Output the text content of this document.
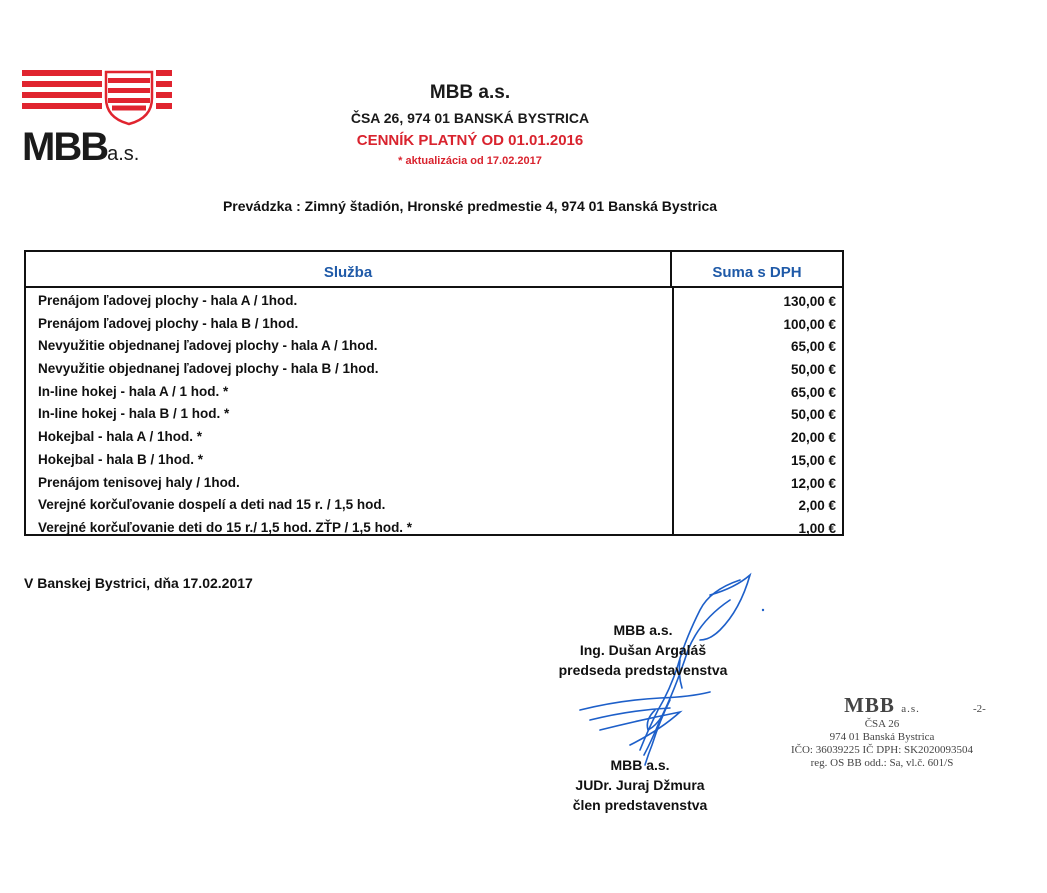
MBBa.s.
MBB a.s.
ČSA 26, 974 01 BANSKÁ BYSTRICA
CENNÍK PLATNÝ OD 01.01.2016
* aktualizácia od 17.02.2017
Prevádzka : Zimný štadión, Hronské predmestie 4, 974 01 Banská Bystrica
Služba	Suma s DPH
Prenájom ľadovej plochy - hala A / 1hod.	130,00 €
Prenájom ľadovej plochy - hala B / 1hod.	100,00 €
Nevyužitie objednanej ľadovej plochy - hala A / 1hod.	65,00 €
Nevyužitie objednanej ľadovej plochy - hala B / 1hod.	50,00 €
In-line hokej - hala A / 1 hod. *	65,00 €
In-line hokej - hala B / 1 hod. *	50,00 €
Hokejbal - hala A / 1hod. *	20,00 €
Hokejbal - hala B / 1hod. *	15,00 €
Prenájom tenisovej haly / 1hod.	12,00 €
Verejné korčuľovanie dospelí a deti nad 15 r. / 1,5 hod.	2,00 €
Verejné korčuľovanie deti do 15 r./ 1,5 hod. ZŤP / 1,5 hod. *	1,00 €
V Banskej Bystrici, dňa 17.02.2017
MBB a.s.
Ing. Dušan Argaláš
predseda predstavenstva
MBB a.s.
JUDr. Juraj Džmura
člen predstavenstva
MBB a.s.
ČSA 26
974 01 Banská Bystrica
IČO: 36039225 IČ DPH: SK2020093504
reg. OS BB odd.: Sa, vl.č. 601/S
-2-
